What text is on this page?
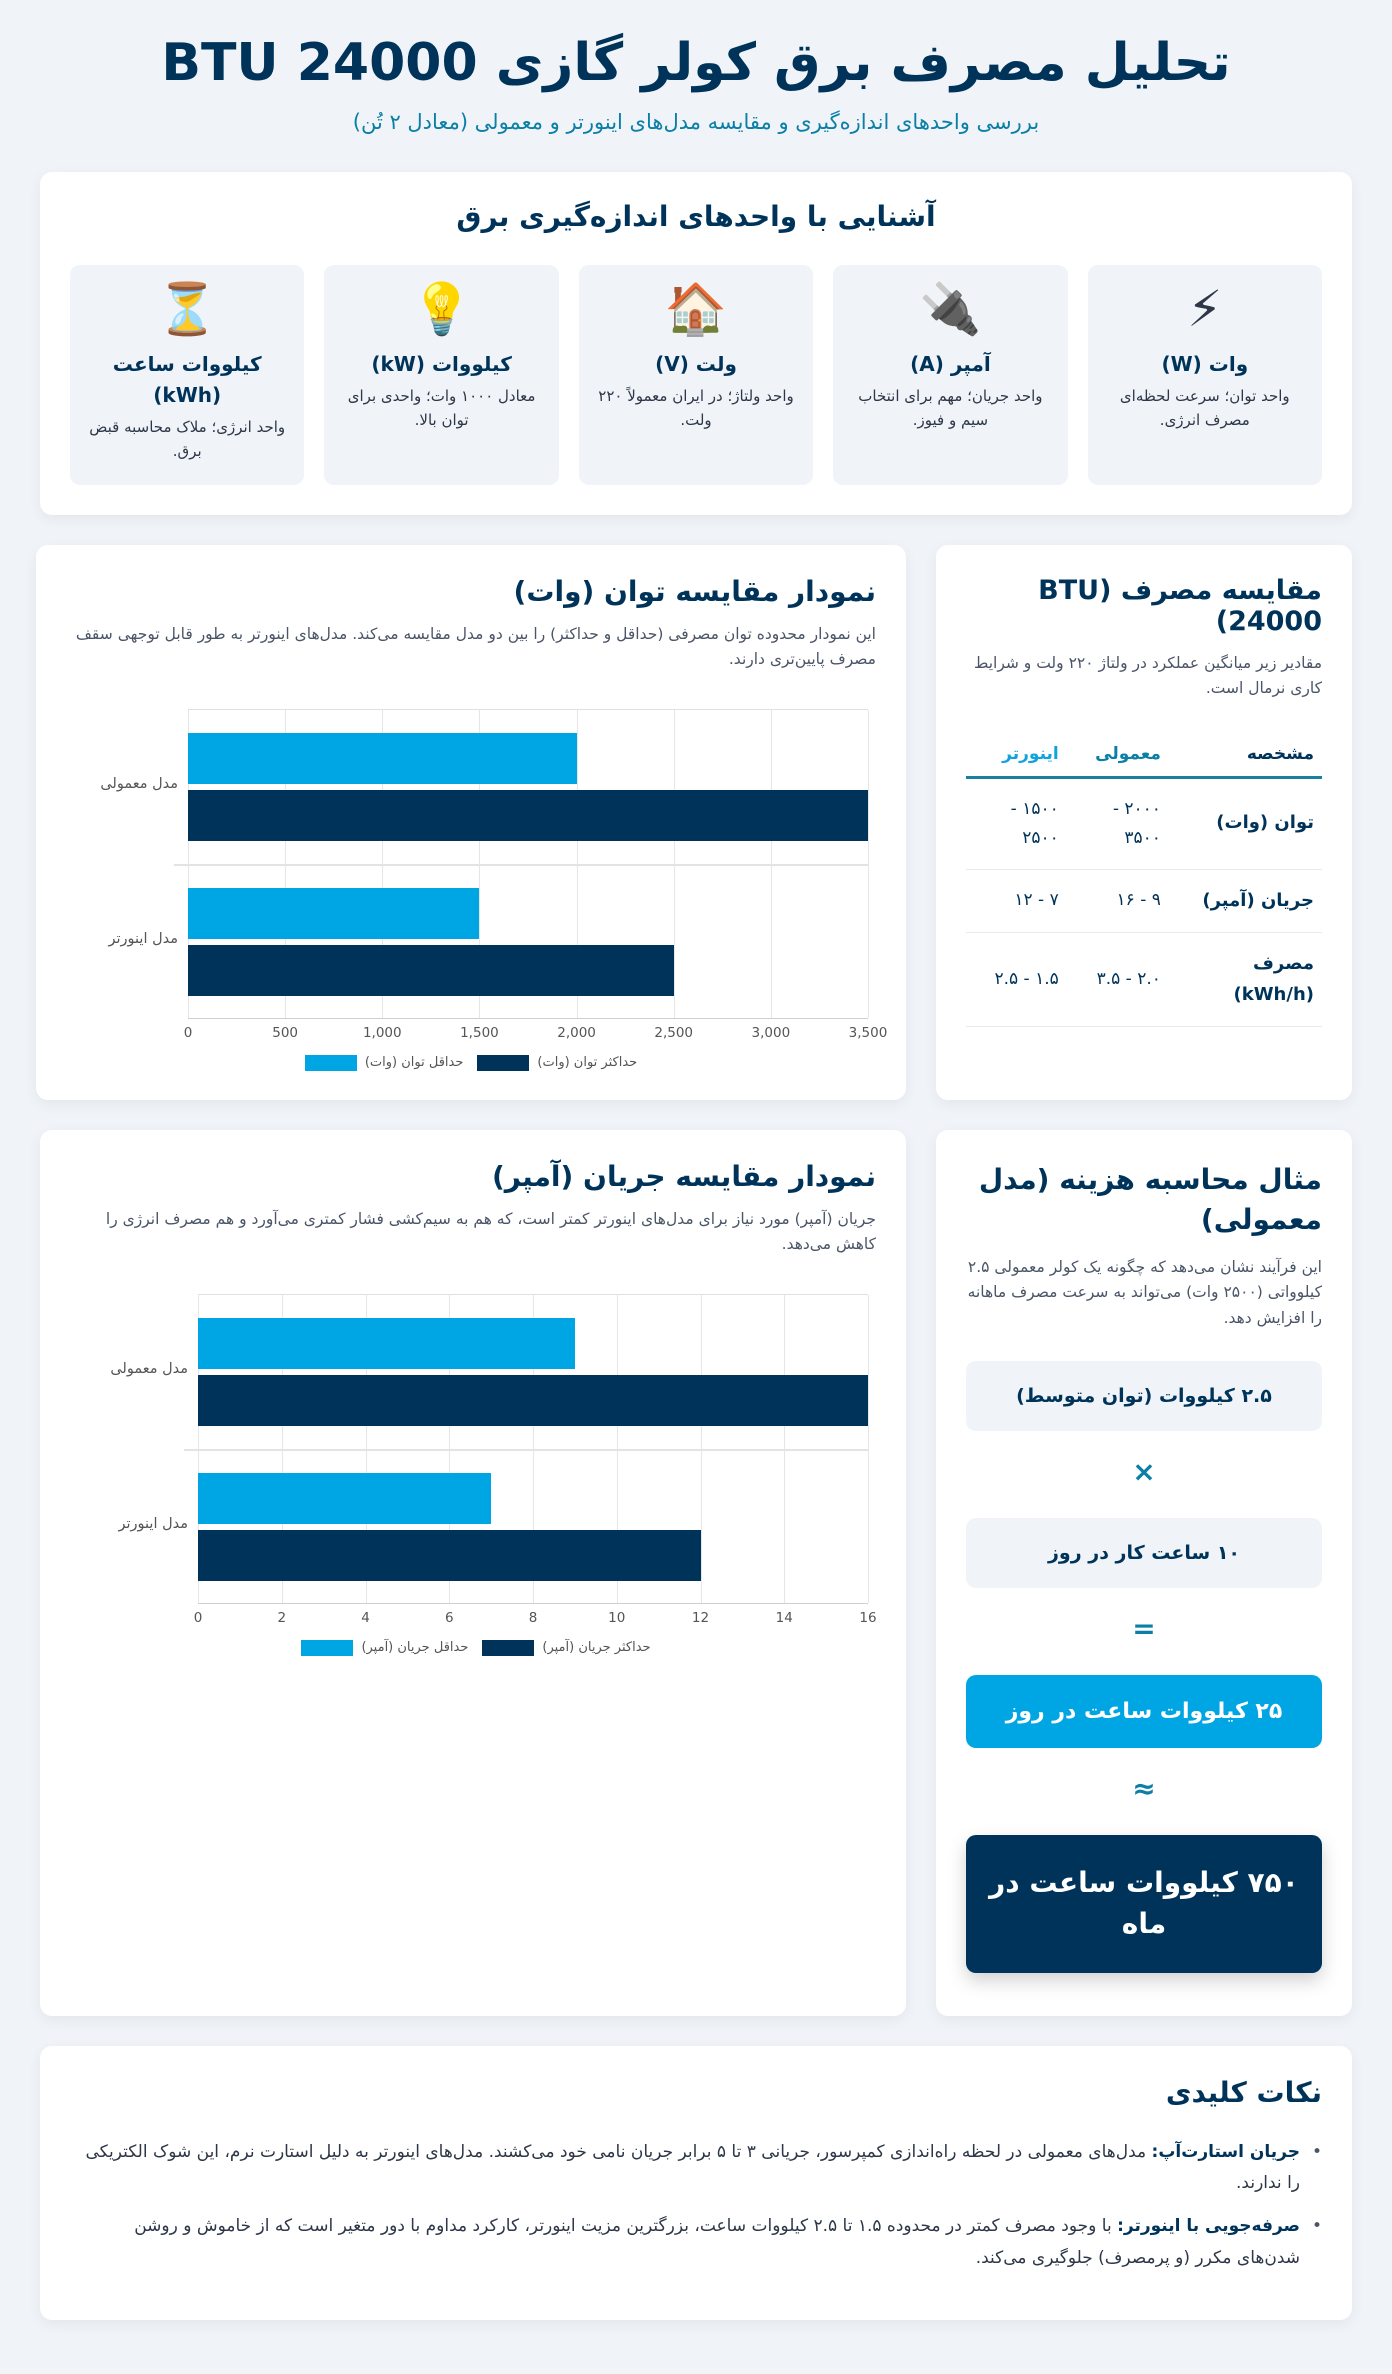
تحلیل مصرف برق کولر گازی BTU 24000

بررسی واحدهای اندازه‌گیری و مقایسه مدل‌های اینورتر و معمولی (معادل ۲ تُن)

آشنایی با واحدهای اندازه‌گیری برق
⚡
وات (W)
واحد توان؛ سرعت لحظه‌ای مصرف انرژی.
🔌
آمپر (A)
واحد جریان؛ مهم برای انتخاب سیم و فیوز.
🏠
ولت (V)
واحد ولتاژ؛ در ایران معمولاً ۲۲۰ ولت.
💡
کیلووات (kW)
معادل ۱۰۰۰ وات؛ واحدی برای توان بالا.
⏳
کیلووات ساعت (kWh)
واحد انرژی؛ ملاک محاسبه قبض برق.
مقایسه مصرف (BTU 24000)

مقادیر زیر میانگین عملکرد در ولتاژ ۲۲۰ ولت و شرایط کاری نرمال است.

مشخصه	معمولی	اینورتر
توان (وات)	۲۰۰۰ - ۳۵۰۰	۱۵۰۰ - ۲۵۰۰
جریان (آمپر)	۹ - ۱۶	۷ - ۱۲
مصرف (kWh/h)	۲.۰ - ۳.۵	۱.۵ - ۲.۵
نمودار مقایسه توان (وات)

این نمودار محدوده توان مصرفی (حداقل و حداکثر) را بین دو مدل مقایسه می‌کند. مدل‌های اینورتر به طور قابل توجهی سقف مصرف پایین‌تری دارند.

0	500	1,000	1,500	2,000	2,500	3,000	3,500
مدل معمولی
مدل اینورتر
حداکثر توان (وات)
حداقل توان (وات)
نمودار مقایسه جریان (آمپر)

جریان (آمپر) مورد نیاز برای مدل‌های اینورتر کمتر است، که هم به سیم‌کشی فشار کمتری می‌آورد و هم مصرف انرژی را کاهش می‌دهد.

0	2	4	6	8	10	12	14	16
مدل معمولی
مدل اینورتر
حداکثر جریان (آمپر)
حداقل جریان (آمپر)
مثال محاسبه هزینه (مدل معمولی)

این فرآیند نشان می‌دهد که چگونه یک کولر معمولی ۲.۵ کیلوواتی (۲۵۰۰ وات) می‌تواند به سرعت مصرف ماهانه را افزایش دهد.

۲.۵ کیلووات (توان متوسط)
×
۱۰ ساعت کار در روز
=
۲۵ کیلووات ساعت در روز
≈
۷۵۰ کیلووات ساعت در ماه
نکات کلیدی
• جریان استارت‌آپ: مدل‌های معمولی در لحظه راه‌اندازی کمپرسور، جریانی ۳ تا ۵ برابر جریان نامی خود می‌کشند. مدل‌های اینورتر به دلیل استارت نرم، این شوک الکتریکی را ندارند.
• صرفه‌جویی با اینورتر: با وجود مصرف کمتر در محدوده ۱.۵ تا ۲.۵ کیلووات ساعت، بزرگترین مزیت اینورتر، کارکرد مداوم با دور متغیر است که از خاموش و روشن شدن‌های مکرر (و پرمصرف) جلوگیری می‌کند.
